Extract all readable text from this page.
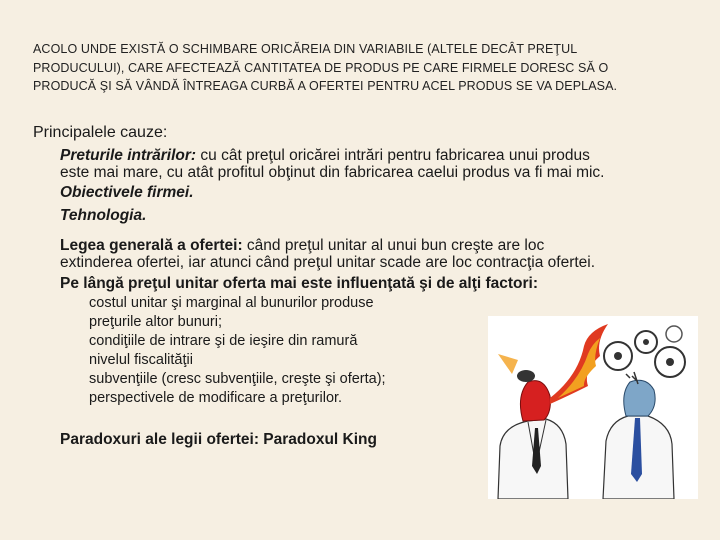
ACOLO UNDE EXISTĂ O SCHIMBARE ORICĂREIA DIN VARIABILE (ALTELE DECÂT PREŢUL
PRODUCULUI), CARE AFECTEAZĂ CANTITATEA DE PRODUS PE CARE FIRMELE DORESC SĂ O
PRODUCĂ ŞI SĂ VÂNDĂ ÎNTREAGA CURBĂ A OFERTEI PENTRU ACEL PRODUS SE VA DEPLASA.
Principalele cauze:
Preturile intrărilor: cu cât preţul oricărei intrări pentru fabricarea unui produs
este mai mare, cu atât profitul obţinut din fabricarea caelui produs va fi mai mic.
Obiectivele firmei.
Tehnologia.
Legea generală a ofertei: când preţul unitar al unui bun creşte are loc
extinderea ofertei, iar atunci când preţul unitar scade are loc contracţia ofertei.
Pe lângă preţul unitar oferta mai este influenţată şi de alţi factori:
costul unitar şi marginal al bunurilor produse
preţurile altor bunuri;
condiţiile de intrare şi de ieşire din ramură
nivelul fiscalităţii
subvenţiile (cresc subvenţiile, creşte şi oferta);
perspectivele de modificare a preţurilor.
Paradoxuri ale legii ofertei: Paradoxul King
